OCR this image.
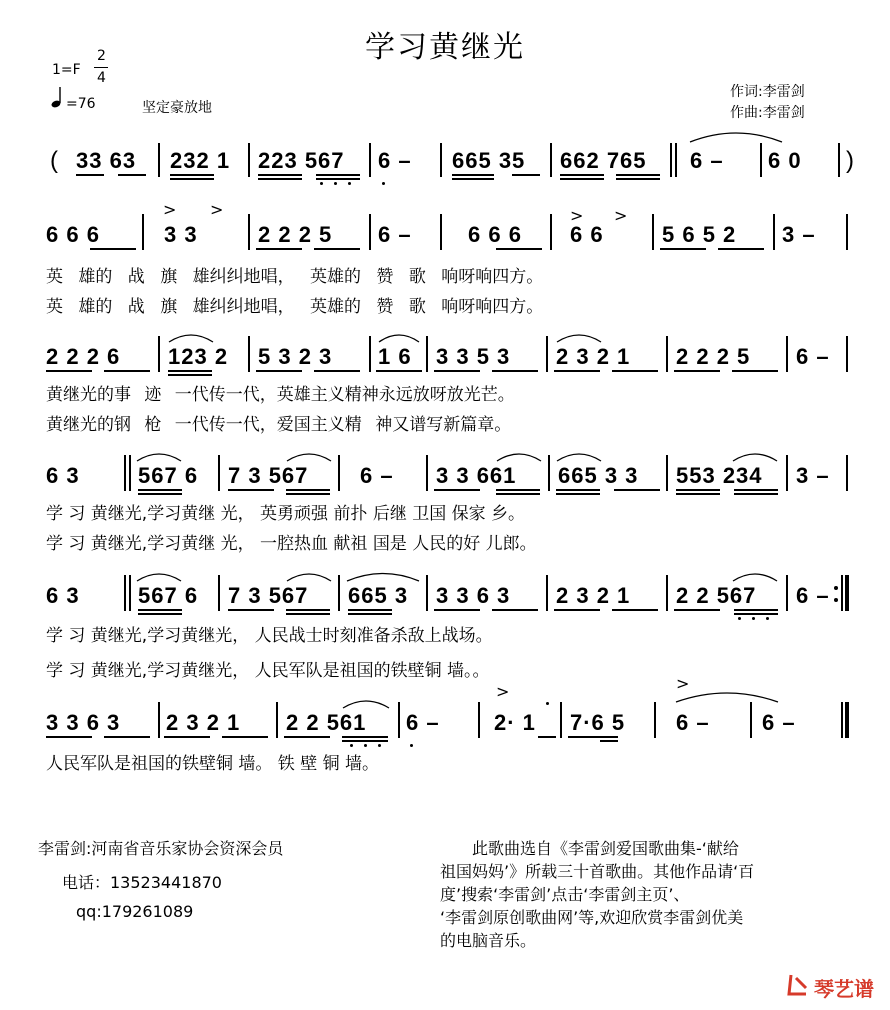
学习黄继光
1=F
2
4
=76	坚定豪放地
作词:李雷剑
作曲:李雷剑
( 33 63 232 1 223 567 6 – 665 35 662 765 6 – 6 0 )
> >	> >
6 6 6	3 3	2 2 2 5 6 –	6 6 6 6 6	5 6 5 2 3 –
英 雄的 战 旗 雄纠纠地唱， 英雄的 赞 歌 响呀响四方。
英 雄的 战 旗 雄纠纠地唱， 英雄的 赞 歌 响呀响四方。
2 2 2 6 123 2 5 3 2 3 1 6 3 3 5 3 2 3 2 1 2 2 2 5 6 –
黄继光的事 迹 一代传一代，英雄主义精神永远放呀放光芒。
黄继光的钢 枪 一代传一代，爱国主义精 神又谱写新篇章。
6 3	567 6 7 3 567 6 – 3 3 661 665 3 3 553 234 3 –
学 习 黄继光,学习黄继 光， 英勇顽强 前扑 后继 卫国 保家 乡。
学 习 黄继光,学习黄继 光， 一腔热血 献祖 国是 人民的好 儿郎。
6 3	567 6 7 3 567 665 3 3 3 6 3 2 3 2 1 2 2 567 6 –
学 习 黄继光,学习黄继光， 人民战士时刻准备杀敌上战场。
学 习 黄继光,学习黄继光， 人民军队是祖国的铁壁铜 墙。。
>	>
3 3 6 3 2 3 2 1 2 2 561 6 – 2· 1 7·6 5 6 – 6 –
人民军队是祖国的铁壁铜 墙。 铁 壁 铜 墙。
李雷剑:河南省音乐家协会资深会员
电话：13523441870
qq:179261089
此歌曲选自《李雷剑爱国歌曲集-‘献给
祖国妈妈’》所载三十首歌曲。其他作品请‘百
度’搜索‘李雷剑’点击‘李雷剑主页’、
‘李雷剑原创歌曲网’等,欢迎欣赏李雷剑优美
的电脑音乐。
琴艺谱
